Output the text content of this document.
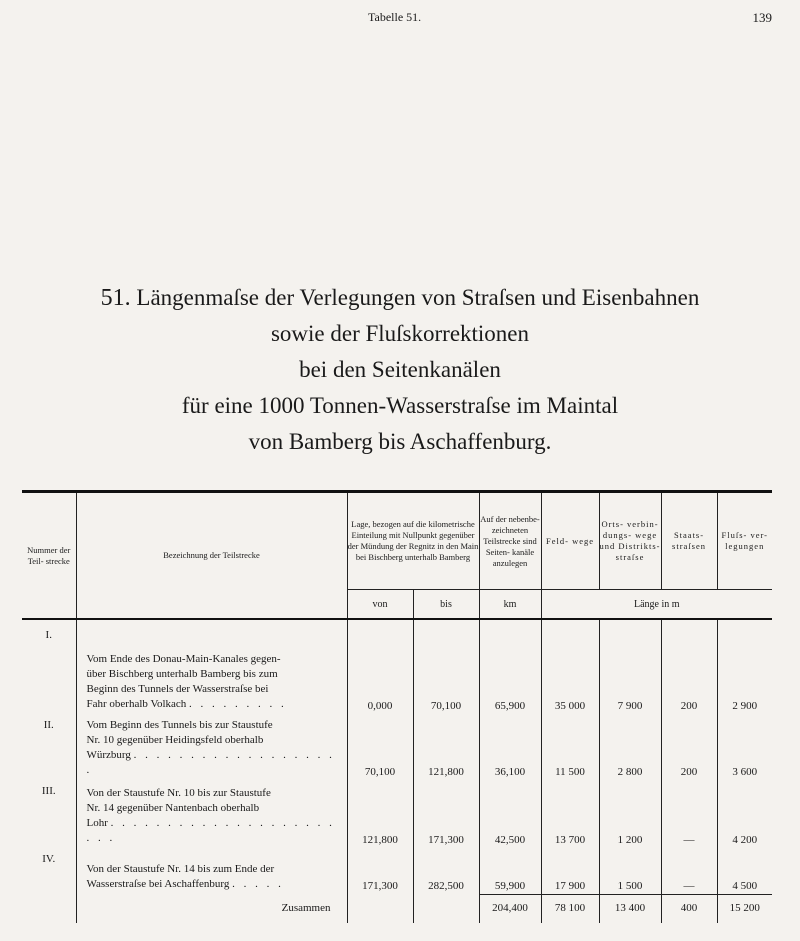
Tabelle 51.	139
51. Längenmaſse der Verlegungen von Straſsen und Eisenbahnen
sowie der Fluſskorrektionen
bei den Seitenkanälen
für eine 1000 Tonnen-Wasserstraſse im Maintal
von Bamberg bis Aschaffenburg.
Nummer der Teil- strecke	Bezeichnung der Teilstrecke	Lage, bezogen auf die kilometrische Einteilung mit Nullpunkt gegenüber der Mündung der Regnitz in den Main bei Bischberg unterhalb Bamberg		Auf der nebenbe- zeichneten Teilstrecke sind Seiten- kanäle anzulegen	Feld- wege	Orts- verbin- dungs- wege und Distrikts- straſse	Staats- straſsen	Fluſs- ver- legungen
		von	bis	km	Länge in m			
I.	Vom Ende des Donau-Main-Kanales gegen-
über Bischberg unterhalb Bamberg bis zum
Beginn des Tunnels der Wasserstraſse bei
Fahr oberhalb Volkach . . . . . . . . .	0,000	70,100	65,900	35 000	7 900	200	2 900
II.	Vom Beginn des Tunnels bis zur Staustufe
Nr. 10 gegenüber Heidingsfeld oberhalb
Würzburg . . . . . . . . . . . . . . . . . . .	70,100	121,800	36,100	11 500	2 800	200	3 600
III.	Von der Staustufe Nr. 10 bis zur Staustufe
Nr. 14 gegenüber Nantenbach oberhalb
Lohr . . . . . . . . . . . . . . . . . . . . . . .	121,800	171,300	42,500	13 700	1 200	—	4 200
IV.	Von der Staustufe Nr. 14 bis zum Ende der
Wasserstraſse bei Aschaffenburg . . . . .	171,300	282,500	59,900	17 900	1 500	—	4 500
	Zusammen			204,400	78 100	13 400	400	15 200
